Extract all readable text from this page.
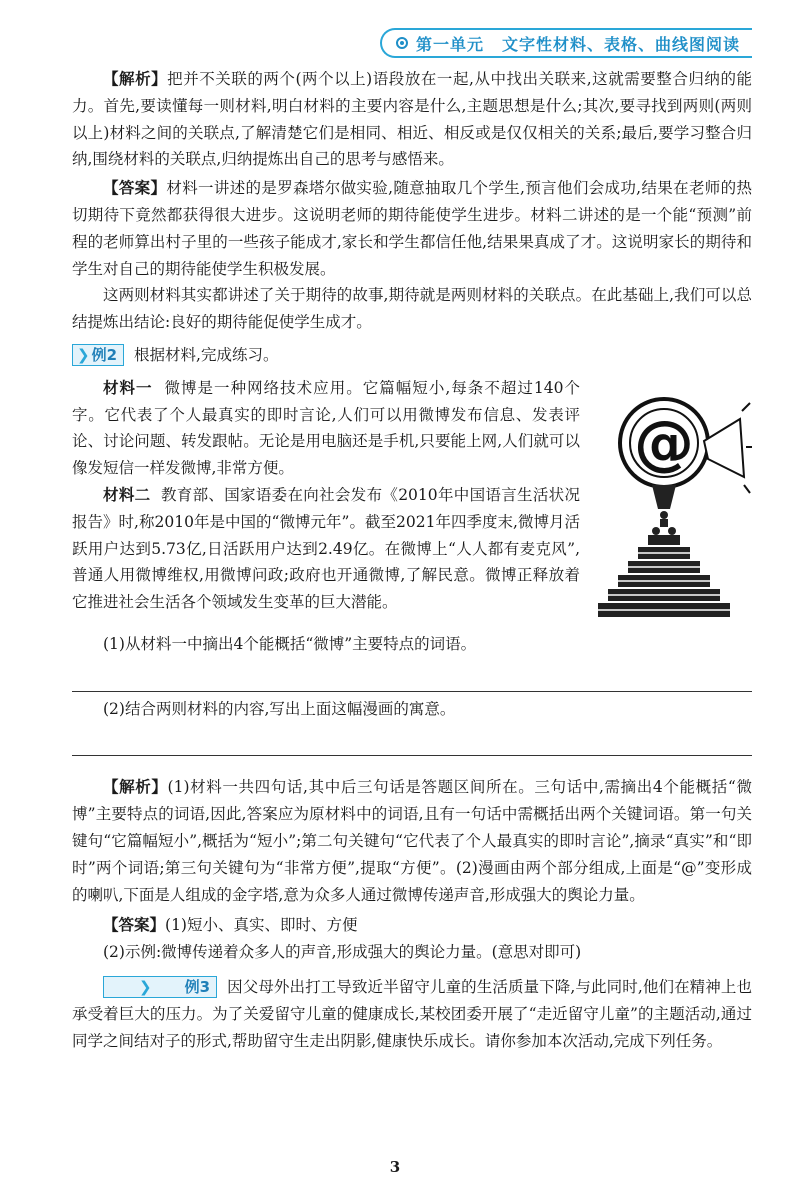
第一单元 文字性材料、表格、曲线图阅读

【解析】把并不关联的两个(两个以上)语段放在一起,从中找出关联来,这就需要整合归纳的能力。首先,要读懂每一则材料,明白材料的主要内容是什么,主题思想是什么;其次,要寻找到两则(两则以上)材料之间的关联点,了解清楚它们是相同、相近、相反或是仅仅相关的关系;最后,要学习整合归纳,围绕材料的关联点,归纳提炼出自己的思考与感悟来。

【答案】材料一讲述的是罗森塔尔做实验,随意抽取几个学生,预言他们会成功,结果在老师的热切期待下竟然都获得很大进步。这说明老师的期待能使学生进步。材料二讲述的是一个能“预测”前程的老师算出村子里的一些孩子能成才,家长和学生都信任他,结果果真成了才。这说明家长的期待和学生对自己的期待能使学生积极发展。

这两则材料其实都讲述了关于期待的故事,期待就是两则材料的关联点。在此基础上,我们可以总结提炼出结论:良好的期待能促使学生成才。

❯ 例2 根据材料,完成练习。
@

材料一 微博是一种网络技术应用。它篇幅短小,每条不超过140个字。它代表了个人最真实的即时言论,人们可以用微博发布信息、发表评论、讨论问题、转发跟帖。无论是用电脑还是手机,只要能上网,人们就可以像发短信一样发微博,非常方便。

材料二 教育部、国家语委在向社会发布《2010年中国语言生活状况报告》时,称2010年是中国的“微博元年”。截至2021年四季度末,微博月活跃用户达到5.73亿,日活跃用户达到2.49亿。在微博上“人人都有麦克风”,普通人用微博维权,用微博问政;政府也开通微博,了解民意。微博正释放着它推进社会生活各个领域发生变革的巨大潜能。

(1)从材料一中摘出4个能概括“微博”主要特点的词语。

(2)结合两则材料的内容,写出上面这幅漫画的寓意。

【解析】(1)材料一共四句话,其中后三句话是答题区间所在。三句话中,需摘出4个能概括“微博”主要特点的词语,因此,答案应为原材料中的词语,且有一句话中需概括出两个关键词语。第一句关键句“它篇幅短小”,概括为“短小”;第二句关键句“它代表了个人最真实的即时言论”,摘录“真实”和“即时”两个词语;第三句关键句为“非常方便”,提取“方便”。(2)漫画由两个部分组成,上面是“@”变形成的喇叭,下面是人组成的金字塔,意为众多人通过微博传递声音,形成强大的舆论力量。

【答案】(1)短小、真实、即时、方便

(2)示例:微博传递着众多人的声音,形成强大的舆论力量。(意思对即可)

❯	例3 因父母外出打工导致近半留守儿童的生活质量下降,与此同时,他们在精神上也承受着巨大的压力。为了关爱留守儿童的健康成长,某校团委开展了“走近留守儿童”的主题活动,通过同学之间结对子的形式,帮助留守生走出阴影,健康快乐成长。请你参加本次活动,完成下列任务。

3
